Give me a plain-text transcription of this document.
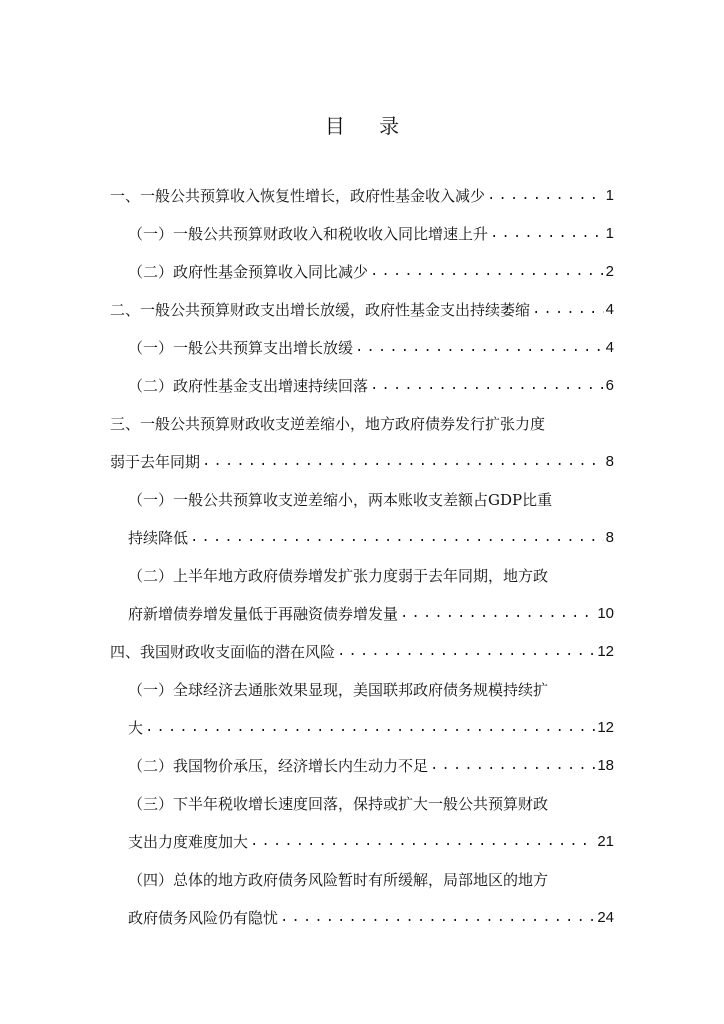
目 录
一、一般公共预算收入恢复性增长，政府性基金收入减少 .....	1
（一）一般公共预算财政收入和税收收入同比增速上升 .....	1
（二）政府性基金预算收入同比减少 .....	2
二、一般公共预算财政支出增长放缓，政府性基金支出持续萎缩 .....	4
（一）一般公共预算支出增长放缓 .....	4
（二）政府性基金支出增速持续回落 .....	6
三、一般公共预算财政收支逆差缩小，地方政府债券发行扩张力度
弱于去年同期 .....	8
（一）一般公共预算收支逆差缩小，两本账收支差额占GDP比重
持续降低 .....	8
（二）上半年地方政府债券增发扩张力度弱于去年同期，地方政
府新增债券增发量低于再融资债券增发量 .....	10
四、我国财政收支面临的潜在风险 .....	12
（一）全球经济去通胀效果显现，美国联邦政府债务规模持续扩
大 .....	12
（二）我国物价承压，经济增长内生动力不足 .....	18
（三）下半年税收增长速度回落，保持或扩大一般公共预算财政
支出力度难度加大 .....	21
（四）总体的地方政府债务风险暂时有所缓解，局部地区的地方
政府债务风险仍有隐忧 .....	24
